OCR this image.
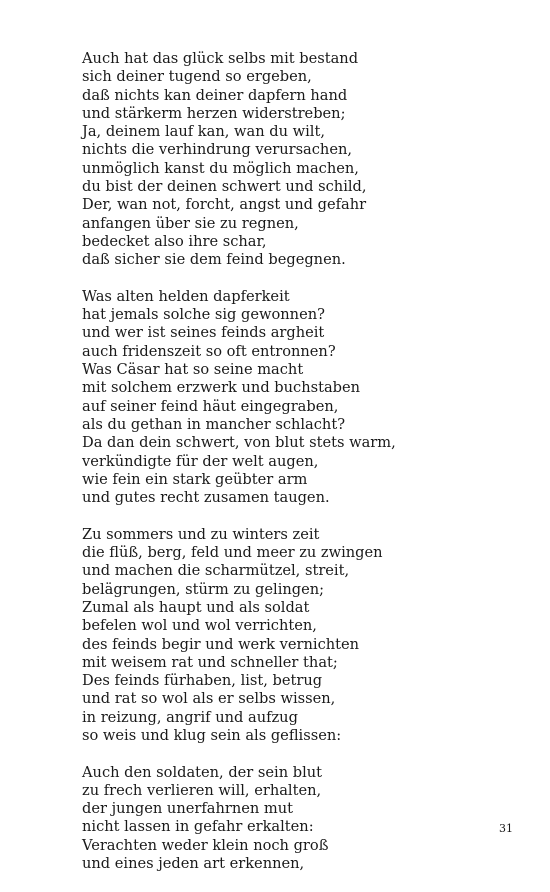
Auch hat das glück selbs mit bestand
sich deiner tugend so ergeben,
daß nichts kan deiner dapfern hand
und stärkerm herzen widerstreben;
Ja, deinem lauf kan, wan du wilt,
nichts die verhindrung verursachen,
unmöglich kanst du möglich machen,
du bist der deinen schwert und schild,
Der, wan not, forcht, angst und gefahr
anfangen über sie zu regnen,
bedecket also ihre schar,
daß sicher sie dem feind begegnen.
Was alten helden dapferkeit
hat jemals solche sig gewonnen?
und wer ist seines feinds argheit
auch fridenszeit so oft entronnen?
Was Cäsar hat so seine macht
mit solchem erzwerk und buchstaben
auf seiner feind häut eingegraben,
als du gethan in mancher schlacht?
Da dan dein schwert, von blut stets warm,
verkündigte für der welt augen,
wie fein ein stark geübter arm
und gutes recht zusamen taugen.
Zu sommers und zu winters zeit
die flüß, berg, feld und meer zu zwingen
und machen die scharmützel, streit,
belägrungen, stürm zu gelingen;
Zumal als haupt und als soldat
befelen wol und wol verrichten,
des feinds begir und werk vernichten
mit weisem rat und schneller that;
Des feinds fürhaben, list, betrug
und rat so wol als er selbs wissen,
in reizung, angrif und aufzug
so weis und klug sein als geflissen:
Auch den soldaten, der sein blut
zu frech verlieren will, erhalten,
der jungen unerfahrnen mut
nicht lassen in gefahr erkalten:
Verachten weder klein noch groß
und eines jeden art erkennen,
31
